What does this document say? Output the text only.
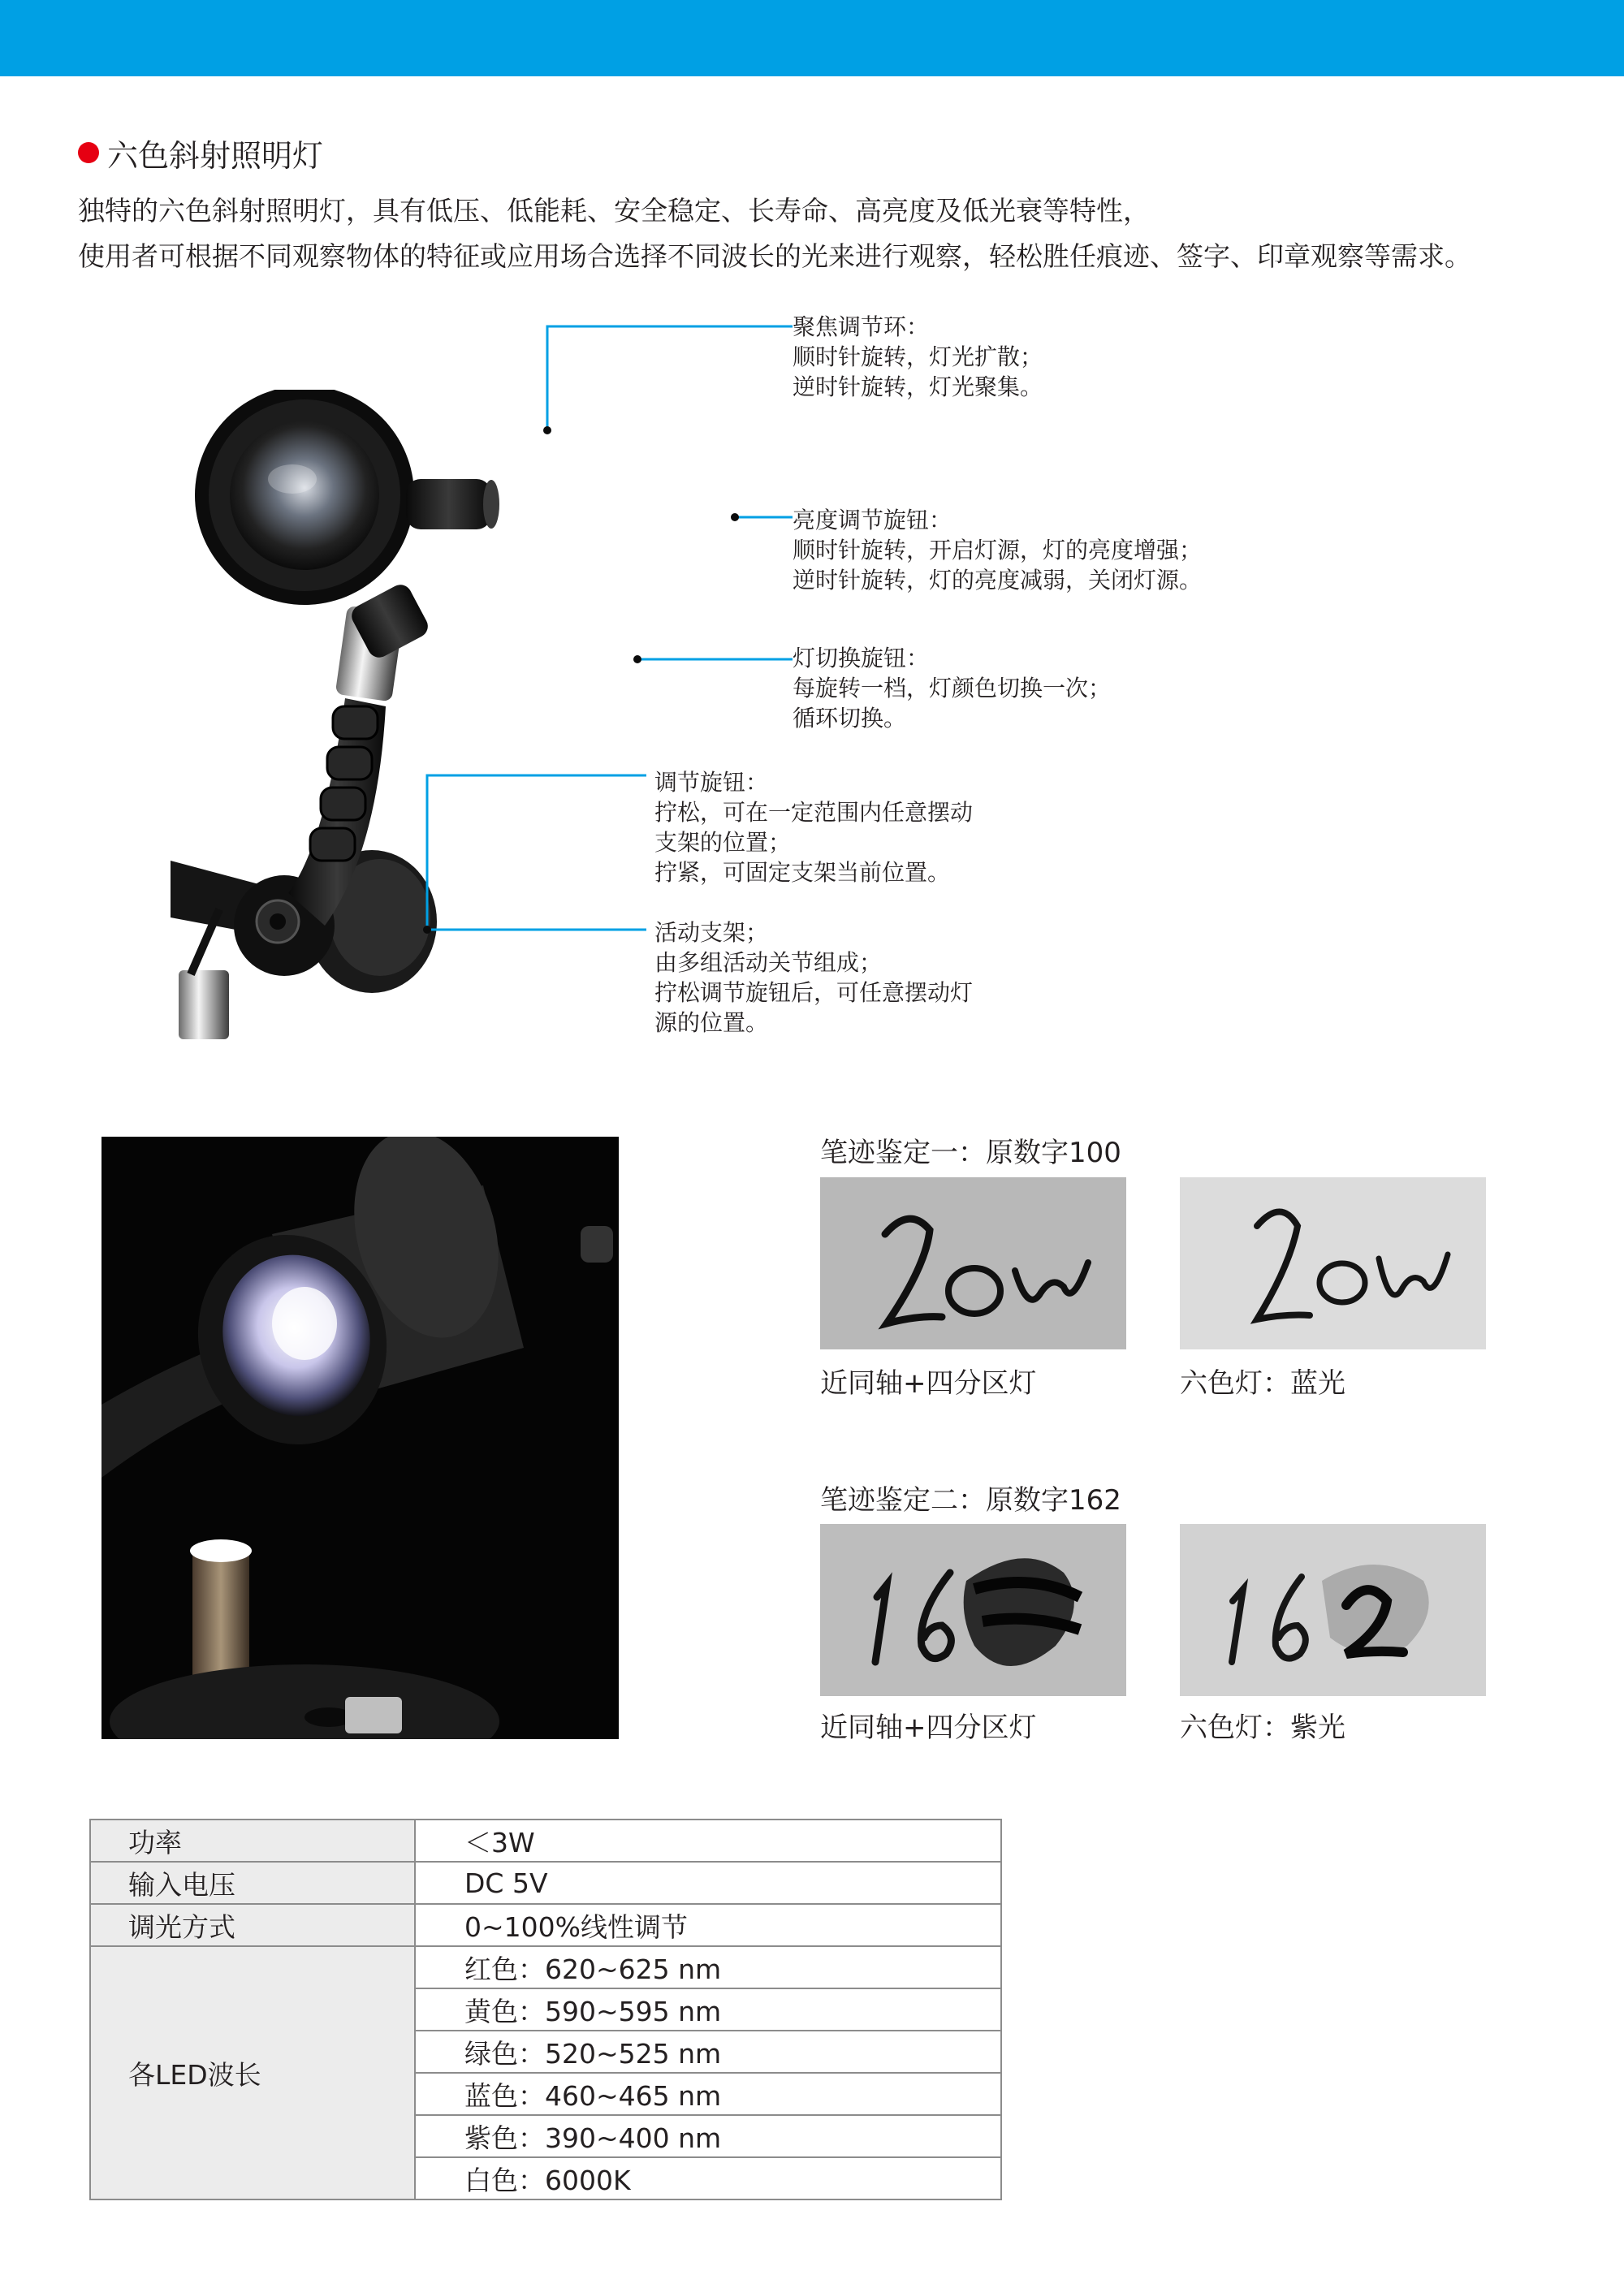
六色斜射照明灯

独特的六色斜射照明灯，具有低压、低能耗、安全稳定、长寿命、高亮度及低光衰等特性，

使用者可根据不同观察物体的特征或应用场合选择不同波长的光来进行观察，轻松胜任痕迹、签字、印章观察等需求。

聚焦调节环：
顺时针旋转，灯光扩散；
逆时针旋转，灯光聚集。
亮度调节旋钮：
顺时针旋转，开启灯源，灯的亮度增强；
逆时针旋转，灯的亮度减弱，关闭灯源。
灯切换旋钮：
每旋转一档，灯颜色切换一次；
循环切换。
调节旋钮：
拧松，可在一定范围内任意摆动
支架的位置；
拧紧，可固定支架当前位置。
活动支架；
由多组活动关节组成；
拧松调节旋钮后，可任意摆动灯
源的位置。
笔迹鉴定一：原数字100
2ov	2ov
近同轴+四分区灯	六色灯：蓝光
笔迹鉴定二：原数字162
16	162
近同轴+四分区灯	六色灯：紫光
功率	＜3W
输入电压	DC 5V
调光方式	0~100%线性调节
各LED波长	红色：620~625 nm
	黄色：590~595 nm
	绿色：520~525 nm
	蓝色：460~465 nm
	紫色：390~400 nm
	白色：6000K
